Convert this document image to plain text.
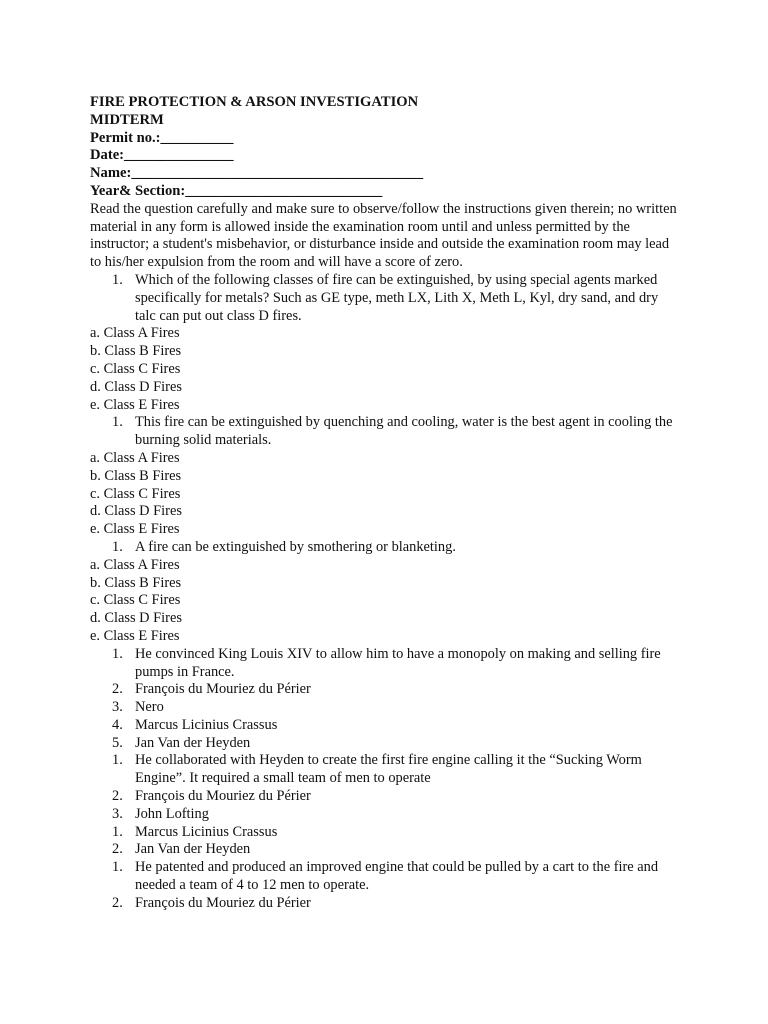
FIRE PROTECTION & ARSON INVESTIGATION
MIDTERM
Permit no.:__________
Date:_______________
Name:________________________________________
Year& Section:___________________________

Read the question carefully and make sure to observe/follow the instructions given therein; no written material in any form is allowed inside the examination room until and unless permitted by the instructor; a student's misbehavior, or disturbance inside and outside the examination room may lead to his/her expulsion from the room and will have a score of zero.

1. Which of the following classes of fire can be extinguished, by using special agents marked specifically for metals? Such as GE type, meth LX, Lith X, Meth L, Kyl, dry sand, and dry talc can put out class D fires.
a. Class A Fires
b. Class B Fires
c. Class C Fires
d. Class D Fires
e. Class E Fires
1. This fire can be extinguished by quenching and cooling, water is the best agent in cooling the burning solid materials.
a. Class A Fires
b. Class B Fires
c. Class C Fires
d. Class D Fires
e. Class E Fires
1. A fire can be extinguished by smothering or blanketing.
a. Class A Fires
b. Class B Fires
c. Class C Fires
d. Class D Fires
e. Class E Fires
1. He convinced King Louis XIV to allow him to have a monopoly on making and selling fire pumps in France.
2. François du Mouriez du Périer
3. Nero
4. Marcus Licinius Crassus
5. Jan Van der Heyden
1. He collaborated with Heyden to create the first fire engine calling it the “Sucking Worm Engine”. It required a small team of men to operate
2. François du Mouriez du Périer
3. John Lofting
1. Marcus Licinius Crassus
2. Jan Van der Heyden
1. He patented and produced an improved engine that could be pulled by a cart to the fire and needed a team of 4 to 12 men to operate.
2. François du Mouriez du Périer
